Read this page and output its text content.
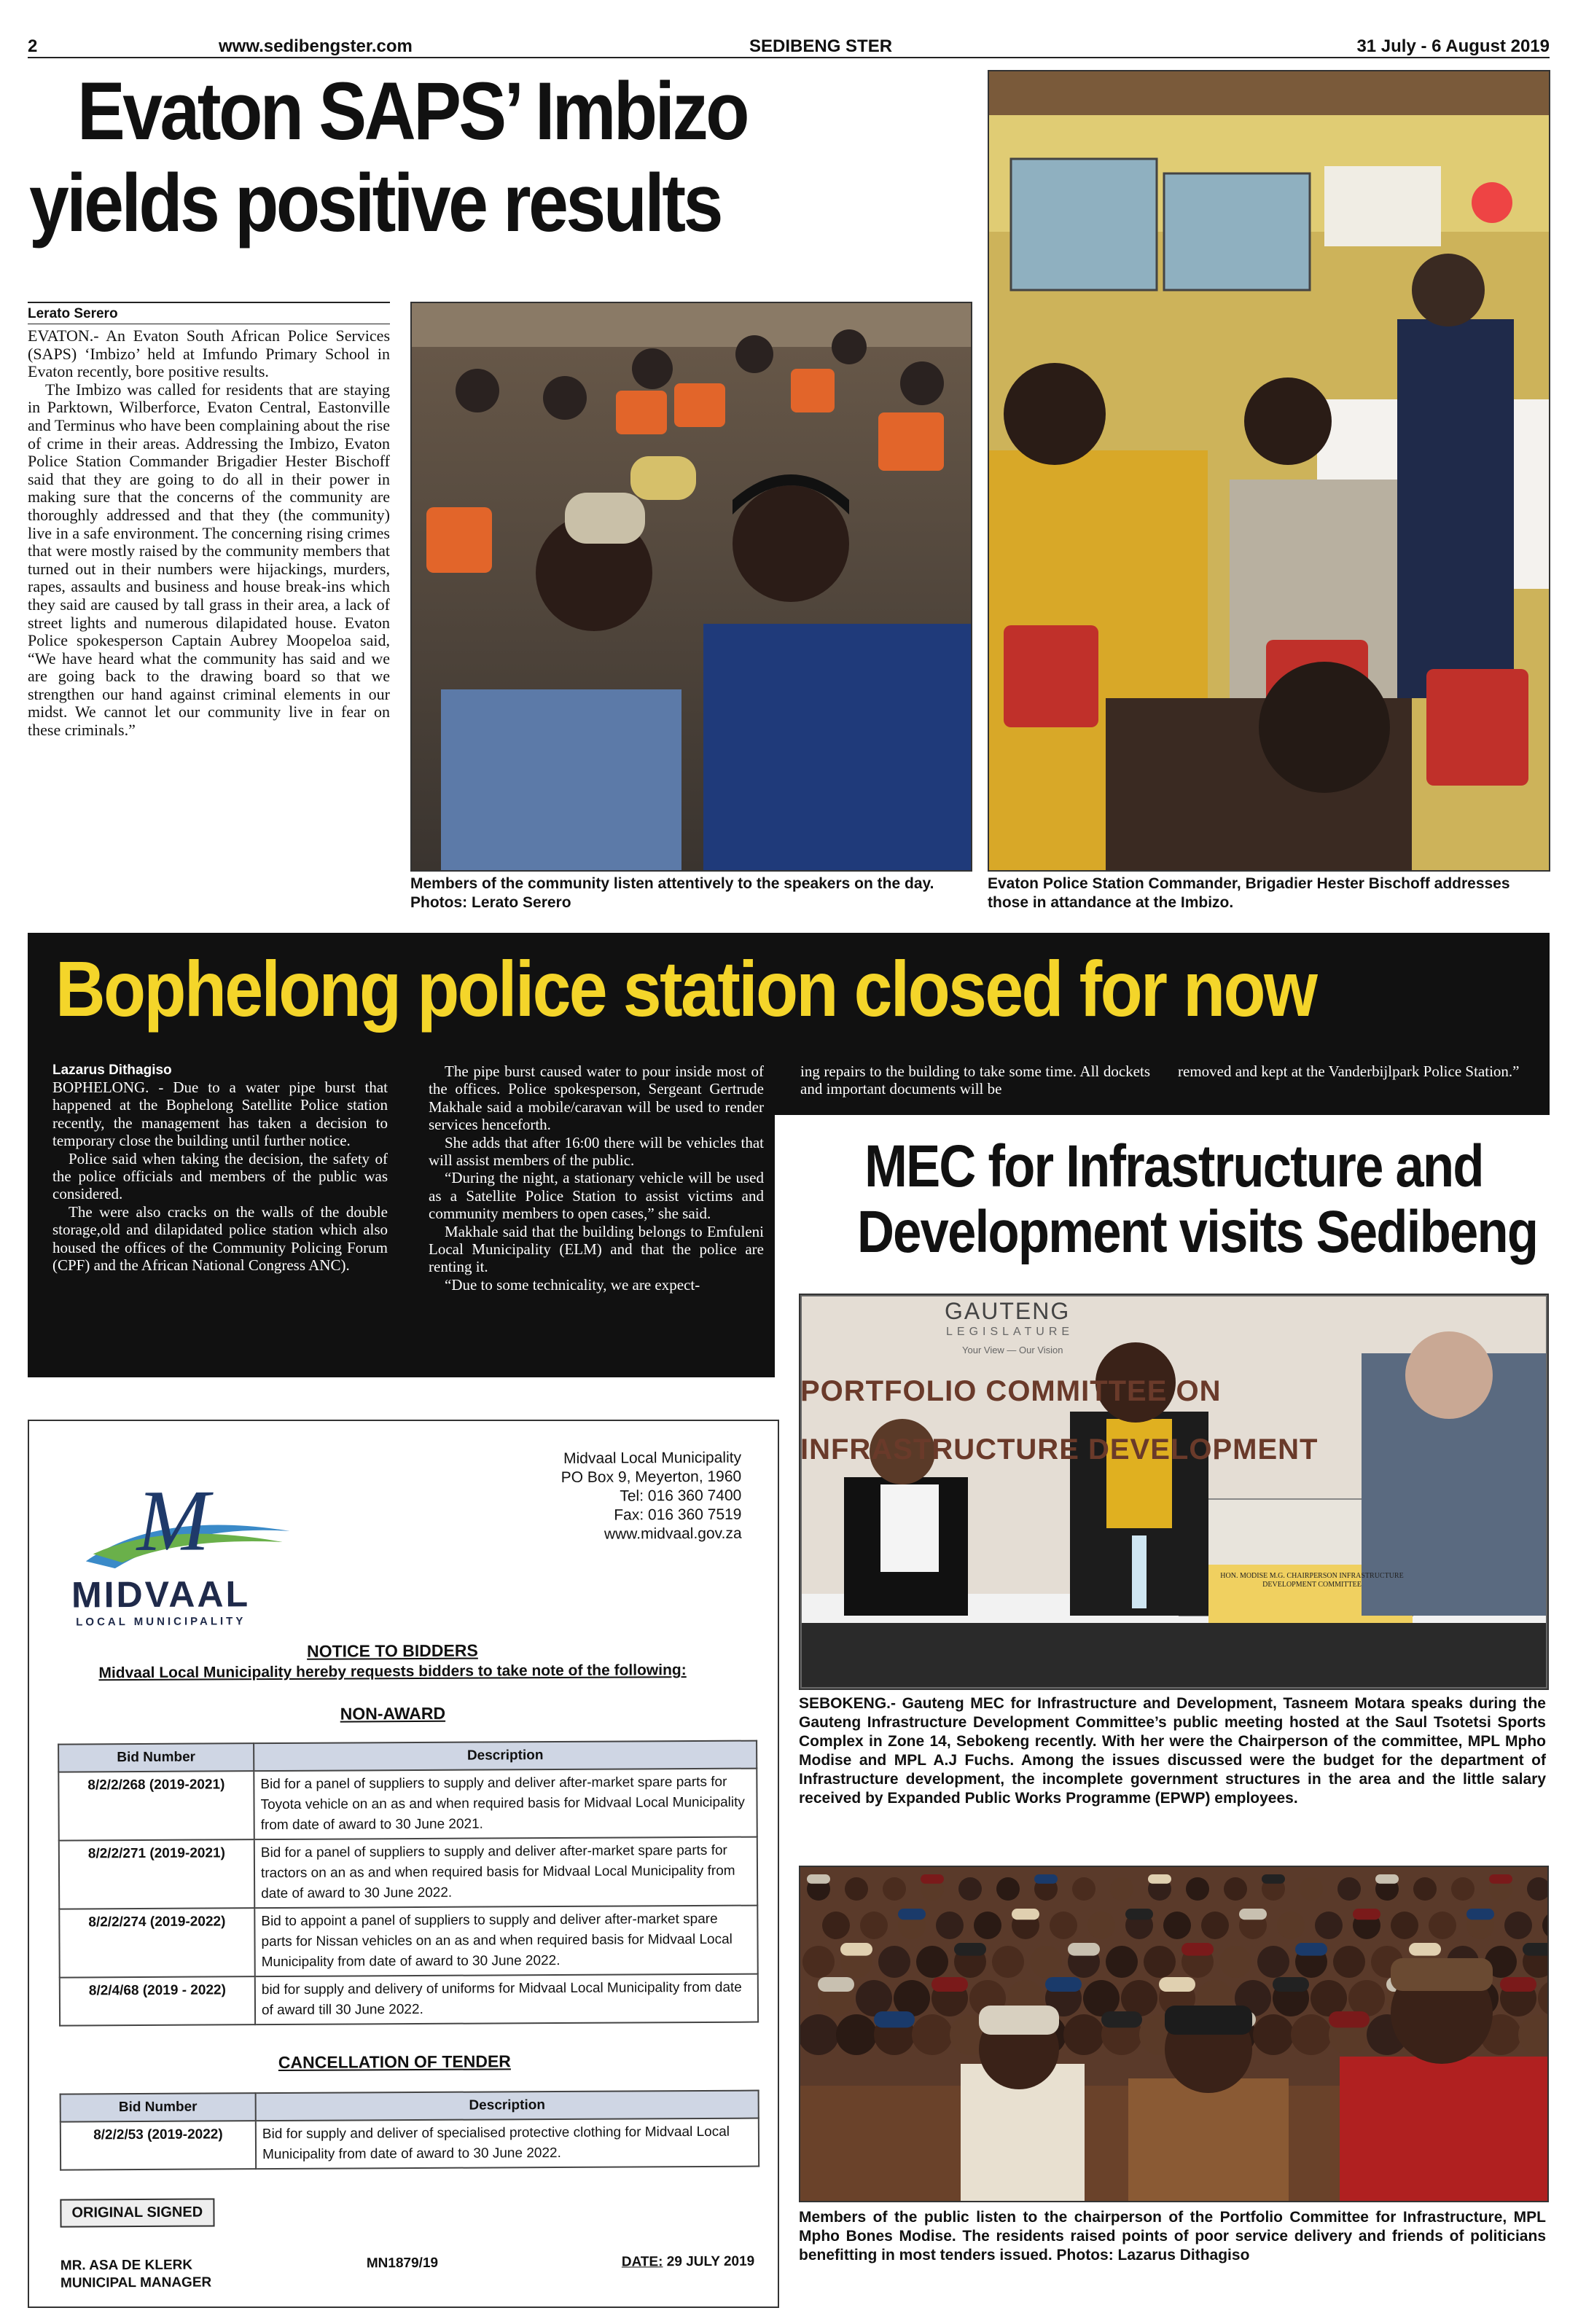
2	www.sedibengster.com	SEDIBENG STER	31 July - 6 August 2019
Evaton SAPS’ Imbizo
yields positive results
Lerato Serero

EVATON.- An Evaton South African Police Services (SAPS) ‘Imbizo’ held at Imfundo Primary School in Evaton recently, bore positive results.

The Imbizo was called for residents that are staying in Parktown, Wilberforce, Evaton Central, Eastonville and Terminus who have been complaining about the rise of crime in their areas. Addressing the Imbizo, Evaton Police Station Commander Brigadier Hester Bischoff said that they are going to do all in their power in making sure that the concerns of the community are thoroughly addressed and that they (the community) live in a safe environment. The concerning rising crimes that were mostly raised by the community members that turned out in their numbers were hijackings, murders, rapes, assaults and business and house break-ins which they said are caused by tall grass in their area, a lack of street lights and numerous dilapidated house. Evaton Police spokesperson Captain Aubrey Moopeloa said, “We have heard what the community has said and we are going back to the drawing board so that we strengthen our hand against criminal elements in our midst. We cannot let our community live in fear on these criminals.”

Members of the community listen attentively to the speakers on the day. Photos: Lerato Serero
Evaton Police Station Commander, Brigadier Hester Bischoff addresses those in attandance at the Imbizo.
Bophelong police station closed for now
Lazarus Dithagiso

BOPHELONG. - Due to a water pipe burst that happened at the Bophelong Satellite Police station recently, the management has taken a decision to temporary close the building until further notice.

Police said when taking the decision, the safety of the police officials and members of the public was considered.

The were also cracks on the walls of the double storage,old and dilapidated police station which also housed the offices of the Community Policing Forum (CPF) and the African National Congress ANC).

The pipe burst caused water to pour inside most of the offices. Police spokesperson, Sergeant Gertrude Makhale said a mobile/caravan will be used to render services henceforth.

She adds that after 16:00 there will be vehicles that will assist members of the public.

“During the night, a stationary vehicle will be used as a Satellite Police Station to assist victims and community members to open cases,” she said.

Makhale said that the building belongs to Emfuleni Local Municipality (ELM) and that the police are renting it.

“Due to some technicality, we are expect-

ing repairs to the building to take some time. All dockets and important documents will be

removed and kept at the Vanderbijlpark Police Station.”

MEC for Infrastructure and
Development visits Sedibeng
GAUTENG
LEGISLATURE
Your View — Our Vision
PORTFOLIO COMMITTEE ON
INFRASTRUCTURE DEVELOPMENT
HON. MODISE M.G. CHAIRPERSON INFRASTRUCTURE DEVELOPMENT COMMITTEE
SEBOKENG.- Gauteng MEC for Infrastructure and Development, Tasneem Motara speaks during the Gauteng Infrastructure Development Committee’s public meeting hosted at the Saul Tsotetsi Sports Complex in Zone 14, Sebokeng recently. With her were the Chairperson of the committee, MPL Mpho Modise and MPL A.J Fuchs. Among the issues discussed were the budget for the department of Infrastructure development, the incomplete government structures in the area and the little salary received by Expanded Public Works Programme (EPWP) employees.
Members of the public listen to the chairperson of the Portfolio Committee for Infrastructure, MPL Mpho Bones Modise. The residents raised points of poor service delivery and friends of politicians benefitting in most tenders issued. Photos: Lazarus Dithagiso
M
MIDVAAL
LOCAL MUNICIPALITY
Midvaal Local Municipality
PO Box 9, Meyerton, 1960
Tel: 016 360 7400
Fax: 016 360 7519
www.midvaal.gov.za
NOTICE TO BIDDERS
Midvaal Local Municipality hereby requests bidders to take note of the following:
NON-AWARD
Bid Number	Description
8/2/2/268 (2019-2021)	Bid for a panel of suppliers to supply and deliver after-market spare parts for Toyota vehicle on an as and when required basis for Midvaal Local Municipality from date of award to 30 June 2021.
8/2/2/271 (2019-2021)	Bid for a panel of suppliers to supply and deliver after-market spare parts for tractors on an as and when required basis for Midvaal Local Municipality from date of award to 30 June 2022.
8/2/2/274 (2019-2022)	Bid to appoint a panel of suppliers to supply and deliver after-market spare parts for Nissan vehicles on an as and when required basis for Midvaal Local Municipality from date of award to 30 June 2022.
8/2/4/68 (2019 - 2022)	bid for supply and delivery of uniforms for Midvaal Local Municipality from date of award till 30 June 2022.
CANCELLATION OF TENDER
Bid Number	Description
8/2/2/53 (2019-2022)	Bid for supply and deliver of specialised protective clothing for Midvaal Local Municipality from date of award to 30 June 2022.
ORIGINAL SIGNED
MR. ASA DE KLERK
MUNICIPAL MANAGER
MN1879/19	DATE: 29 JULY 2019
